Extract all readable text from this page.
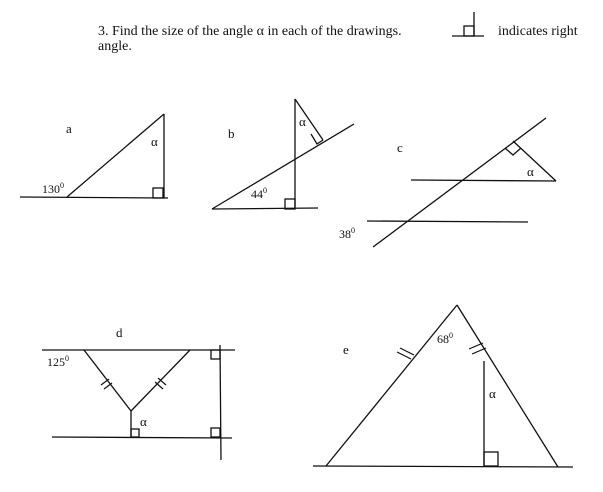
3. Find the size of the angle α in each of the drawings.
angle.
indicates right
a
α
$130^0$
b
α
$44^0$
c
α
$38^0$
d
α
$125^0$
e
α
$68^0$
